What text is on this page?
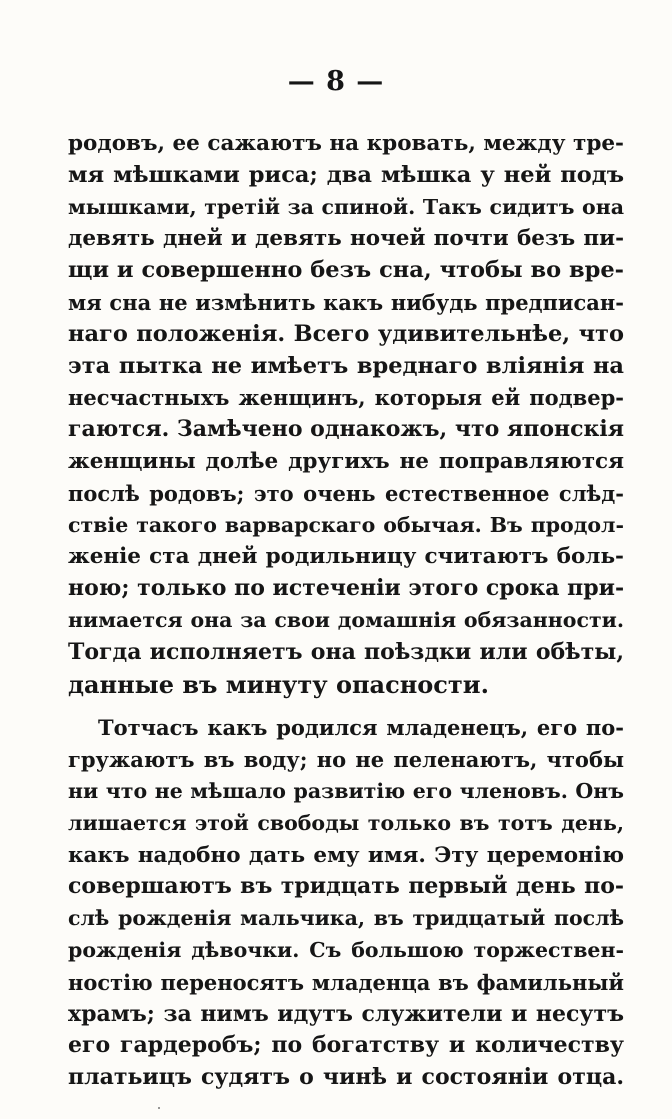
— 8 —
родовъ, ее сажаютъ на кровать, между тре-
мя мѣшками риса; два мѣшка у ней подъ
мышками, третій за спиной. Такъ сидитъ она
девять дней и девять ночей почти безъ пи-
щи и совершенно безъ сна, чтобы во вре-
мя сна не измѣнить какъ нибудь предписан-
наго положенія. Всего удивительнѣе, что
эта пытка не имѣетъ вреднаго вліянія на
несчастныхъ женщинъ, которыя ей подвер-
гаются. Замѣчено однакожъ, что японскія
женщины долѣе другихъ не поправляются
послѣ родовъ; это очень естественное слѣд-
ствіе такого варварскаго обычая. Въ продол-
женіе ста дней родильницу считаютъ боль-
ною; только по истеченіи этого срока при-
нимается она за свои домашнія обязанности.
Тогда исполняетъ она поѣздки или обѣты,
данные въ минуту опасности.
Тотчасъ какъ родился младенецъ, его по-
гружаютъ въ воду; но не пеленаютъ, чтобы
ни что не мѣшало развитію его членовъ. Онъ
лишается этой свободы только въ тотъ день,
какъ надобно дать ему имя. Эту церемонію
совершаютъ въ тридцать первый день по-
слѣ рожденія мальчика, въ тридцатый послѣ
рожденія дѣвочки. Съ большою торжествен-
ностію переносятъ младенца въ фамильный
храмъ; за нимъ идутъ служители и несутъ
его гардеробъ; по богатству и количеству
платьицъ судятъ о чинѣ и состояніи отца.
